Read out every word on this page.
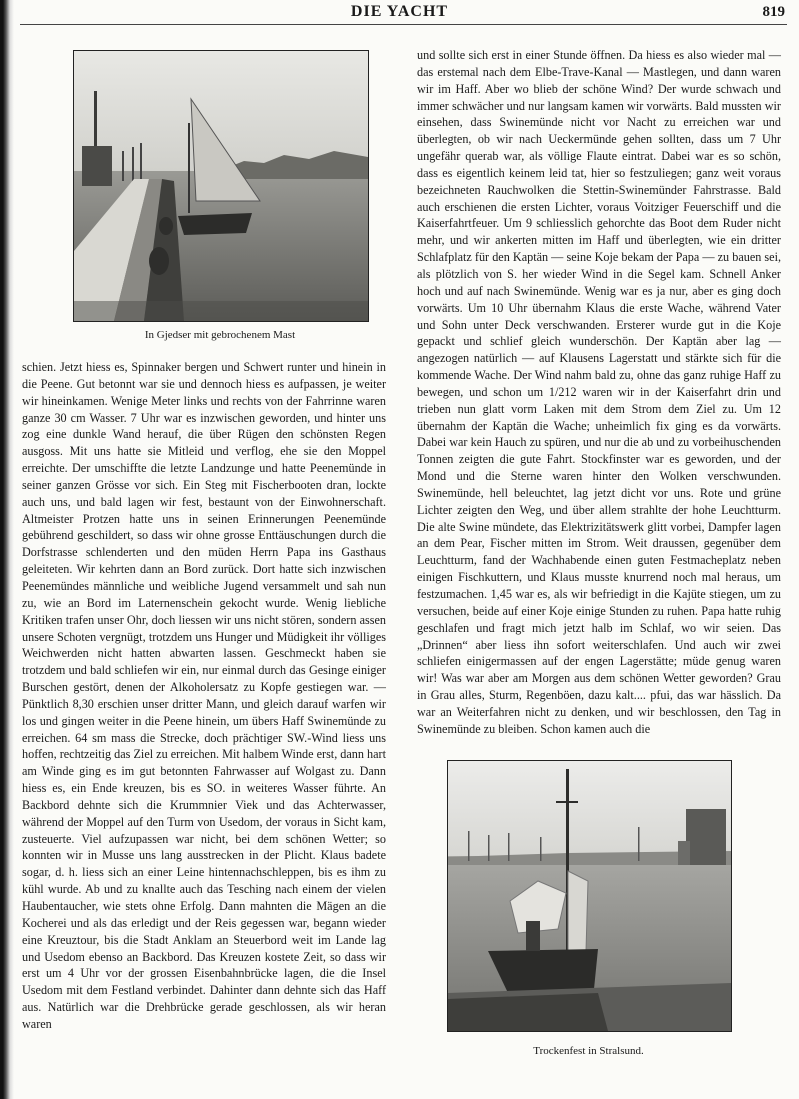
DIE YACHT	819
In Gjedser mit gebrochenem Mast

schien. Jetzt hiess es, Spinnaker bergen und Schwert runter und hinein in die Peene. Gut betonnt war sie und dennoch hiess es aufpassen, je weiter wir hineinkamen. Wenige Meter links und rechts von der Fahrrinne waren ganze 30 cm Wasser. 7 Uhr war es inzwischen geworden, und hinter uns zog eine dunkle Wand herauf, die über Rügen den schönsten Regen ausgoss. Mit uns hatte sie Mitleid und verflog, ehe sie den Moppel erreichte. Der umschiffte die letzte Landzunge und hatte Peenemünde in seiner ganzen Grösse vor sich. Ein Steg mit Fischerbooten dran, lockte auch uns, und bald lagen wir fest, bestaunt von der Einwohnerschaft. Altmeister Protzen hatte uns in seinen Erinnerungen Peenemünde gebührend geschildert, so dass wir ohne grosse Enttäuschungen durch die Dorfstrasse schlenderten und den müden Herrn Papa ins Gasthaus geleiteten. Wir kehrten dann an Bord zurück. Dort hatte sich inzwischen Peenemündes männliche und weibliche Jugend versammelt und sah nun zu, wie an Bord im Laternenschein gekocht wurde. Wenig liebliche Kritiken trafen unser Ohr, doch liessen wir uns nicht stören, sondern assen unsere Schoten vergnügt, trotzdem uns Hunger und Müdigkeit ihr völliges Weichwerden nicht hatten abwarten lassen. Geschmeckt haben sie trotzdem und bald schliefen wir ein, nur einmal durch das Gesinge einiger Burschen gestört, denen der Alkoholersatz zu Kopfe gestiegen war. — Pünktlich 8,30 erschien unser dritter Mann, und gleich darauf warfen wir los und gingen weiter in die Peene hinein, um übers Haff Swinemünde zu erreichen. 64 sm mass die Strecke, doch prächtiger SW.-Wind liess uns hoffen, rechtzeitig das Ziel zu erreichen. Mit halbem Winde erst, dann hart am Winde ging es im gut betonnten Fahrwasser auf Wolgast zu. Dann hiess es, ein Ende kreuzen, bis es SO. in weiteres Wasser führte. An Backbord dehnte sich die Krummnier Viek und das Achterwasser, während der Moppel auf den Turm von Usedom, der voraus in Sicht kam, zusteuerte. Viel aufzupassen war nicht, bei dem schönen Wetter; so konnten wir in Musse uns lang ausstrecken in der Plicht. Klaus badete sogar, d. h. liess sich an einer Leine hintennachschleppen, bis es ihm zu kühl wurde. Ab und zu knallte auch das Tesching nach einem der vielen Haubentaucher, wie stets ohne Erfolg. Dann mahnten die Mägen an die Kocherei und als das erledigt und der Reis gegessen war, begann wieder eine Kreuztour, bis die Stadt Anklam an Steuerbord weit im Lande lag und Usedom ebenso an Backbord. Das Kreuzen kostete Zeit, so dass wir erst um 4 Uhr vor der grossen Eisenbahnbrücke lagen, die die Insel Usedom mit dem Festland verbindet. Dahinter dann dehnte sich das Haff aus. Natürlich war die Drehbrücke gerade geschlossen, als wir heran waren

und sollte sich erst in einer Stunde öffnen. Da hiess es also wieder mal — das erstemal nach dem Elbe-Trave-Kanal — Mastlegen, und dann waren wir im Haff. Aber wo blieb der schöne Wind? Der wurde schwach und immer schwächer und nur langsam kamen wir vorwärts. Bald mussten wir einsehen, dass Swinemünde nicht vor Nacht zu erreichen war und überlegten, ob wir nach Ueckermünde gehen sollten, dass um 7 Uhr ungefähr querab war, als völlige Flaute eintrat. Dabei war es so schön, dass es eigentlich keinem leid tat, hier so festzuliegen; ganz weit voraus bezeichneten Rauchwolken die Stettin-Swinemünder Fahrstrasse. Bald auch erschienen die ersten Lichter, voraus Voitziger Feuerschiff und die Kaiserfahrtfeuer. Um 9 schliesslich gehorchte das Boot dem Ruder nicht mehr, und wir ankerten mitten im Haff und überlegten, wie ein dritter Schlafplatz für den Kaptän — seine Koje bekam der Papa — zu bauen sei, als plötzlich von S. her wieder Wind in die Segel kam. Schnell Anker hoch und auf nach Swinemünde. Wenig war es ja nur, aber es ging doch vorwärts. Um 10 Uhr übernahm Klaus die erste Wache, während Vater und Sohn unter Deck verschwanden. Ersterer wurde gut in die Koje gepackt und schlief gleich wunderschön. Der Kaptän aber lag — angezogen natürlich — auf Klausens Lagerstatt und stärkte sich für die kommende Wache. Der Wind nahm bald zu, ohne das ganz ruhige Haff zu bewegen, und schon um 1/212 waren wir in der Kaiserfahrt drin und trieben nun glatt vorm Laken mit dem Strom dem Ziel zu. Um 12 übernahm der Kaptän die Wache; unheimlich fix ging es da vorwärts. Dabei war kein Hauch zu spüren, und nur die ab und zu vorbeihuschenden Tonnen zeigten die gute Fahrt. Stockfinster war es geworden, und der Mond und die Sterne waren hinter den Wolken verschwunden. Swinemünde, hell beleuchtet, lag jetzt dicht vor uns. Rote und grüne Lichter zeigten den Weg, und über allem strahlte der hohe Leuchtturm. Die alte Swine mündete, das Elektrizitätswerk glitt vorbei, Dampfer lagen an dem Pear, Fischer mitten im Strom. Weit draussen, gegenüber dem Leuchtturm, fand der Wachhabende einen guten Festmacheplatz neben einigen Fischkuttern, und Klaus musste knurrend noch mal heraus, um festzumachen. 1,45 war es, als wir befriedigt in die Kajüte stiegen, um zu versuchen, beide auf einer Koje einige Stunden zu ruhen. Papa hatte ruhig geschlafen und fragt mich jetzt halb im Schlaf, wo wir seien. Das „Drinnen“ aber liess ihn sofort weiterschlafen. Und auch wir zwei schliefen einigermassen auf der engen Lagerstätte; müde genug waren wir! Was war aber am Morgen aus dem schönen Wetter geworden? Grau in Grau alles, Sturm, Regenböen, dazu kalt.... pfui, das war hässlich. Da war an Weiterfahren nicht zu denken, und wir beschlossen, den Tag in Swinemünde zu bleiben. Schon kamen auch die

Trockenfest in Stralsund.
